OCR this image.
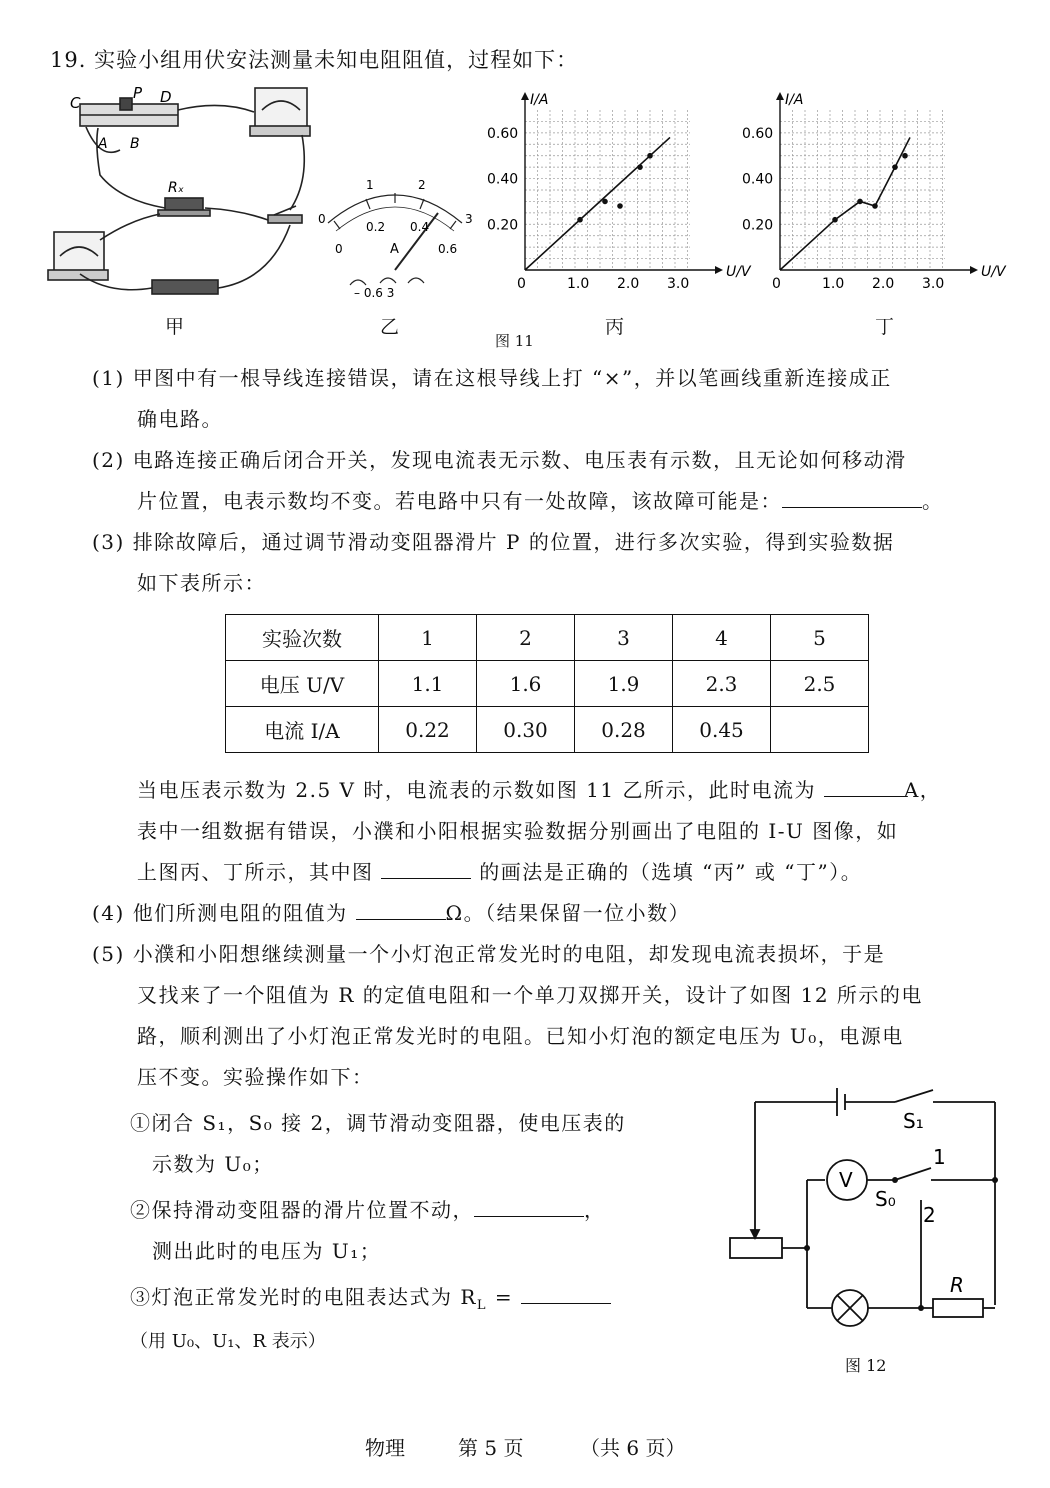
19. 实验小组用伏安法测量未知电阻阻值，过程如下：
C
P D
A B
Rₓ
0
1	2
3
0
0.2 0.4
0.6
A
– 0.6 3
0	1.0 2.0 3.0
0.20
0.40
0.60
U/V
I/A
0	1.0 2.0 3.0
0.20
0.40
0.60
U/V
I/A
甲	乙	丙	丁
图 11
(1) 甲图中有一根导线连接错误，请在这根导线上打 “×”，并以笔画线重新连接成正
确电路。
(2) 电路连接正确后闭合开关，发现电流表无示数、电压表有示数，且无论如何移动滑
片位置，电表示数均不变。若电路中只有一处故障，该故障可能是：	。
(3) 排除故障后，通过调节滑动变阻器滑片 P 的位置，进行多次实验，得到实验数据
如下表所示：
实验次数	1	2	3	4	5
电压 U/V	1.1	1.6	1.9	2.3	2.5
电流 I/A	0.22	0.30	0.28	0.45	
当电压表示数为 2.5 V 时，电流表的示数如图 11 乙所示，此时电流为	A，
表中一组数据有错误，小濮和小阳根据实验数据分别画出了电阻的 I-U 图像，如
上图丙、丁所示，其中图	的画法是正确的（选填 “丙” 或 “丁”）。
(4) 他们所测电阻的阻值为	Ω。（结果保留一位小数）
(5) 小濮和小阳想继续测量一个小灯泡正常发光时的电阻，却发现电流表损坏，于是
又找来了一个阻值为 R 的定值电阻和一个单刀双掷开关，设计了如图 12 所示的电
路，顺利测出了小灯泡正常发光时的电阻。已知小灯泡的额定电压为 U₀，电源电
压不变。实验操作如下：
①闭合 S₁，S₀ 接 2，调节滑动变阻器，使电压表的
示数为 U₀；
②保持滑动变阻器的滑片位置不动，	，
测出此时的电压为 U₁；
③灯泡正常发光时的电阻表达式为 $R_L$ =
（用 U₀、U₁、R 表示）
S₁
V
S₀
1
2
R
图 12
物理	第 5 页	（共 6 页）
